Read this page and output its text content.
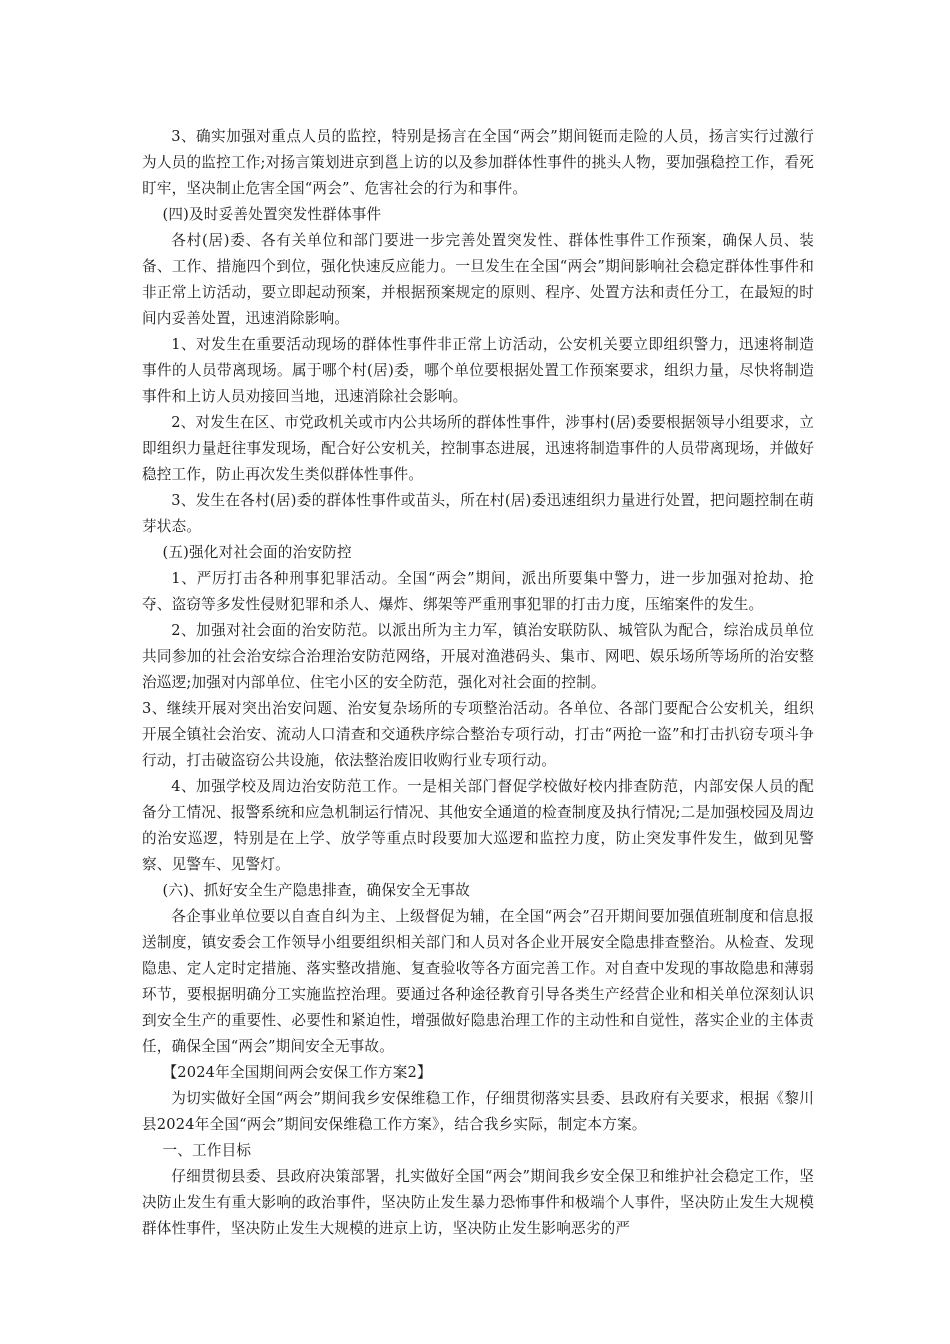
3、确实加强对重点人员的监控，特别是扬言在全国“两会”期间铤而走险的人员，扬言实行过激行为人员的监控工作;对扬言策划进京到邕上访的以及参加群体性事件的挑头人物，要加强稳控工作，看死盯牢，坚决制止危害全国“两会”、危害社会的行为和事件。

(四)及时妥善处置突发性群体事件

各村(居)委、各有关单位和部门要进一步完善处置突发性、群体性事件工作预案，确保人员、装备、工作、措施四个到位，强化快速反应能力。一旦发生在全国“两会”期间影响社会稳定群体性事件和非正常上访活动，要立即起动预案，并根据预案规定的原则、程序、处置方法和责任分工，在最短的时间内妥善处置，迅速消除影响。

1、对发生在重要活动现场的群体性事件非正常上访活动，公安机关要立即组织警力，迅速将制造事件的人员带离现场。属于哪个村(居)委，哪个单位要根据处置工作预案要求，组织力量，尽快将制造事件和上访人员劝接回当地，迅速消除社会影响。

2、对发生在区、市党政机关或市内公共场所的群体性事件，涉事村(居)委要根据领导小组要求，立即组织力量赶往事发现场，配合好公安机关，控制事态进展，迅速将制造事件的人员带离现场，并做好稳控工作，防止再次发生类似群体性事件。

3、发生在各村(居)委的群体性事件或苗头，所在村(居)委迅速组织力量进行处置，把问题控制在萌芽状态。

(五)强化对社会面的治安防控

1、严厉打击各种刑事犯罪活动。全国“两会”期间，派出所要集中警力，进一步加强对抢劫、抢夺、盗窃等多发性侵财犯罪和杀人、爆炸、绑架等严重刑事犯罪的打击力度，压缩案件的发生。

2、加强对社会面的治安防范。以派出所为主力军，镇治安联防队、城管队为配合，综治成员单位共同参加的社会治安综合治理治安防范网络，开展对渔港码头、集市、网吧、娱乐场所等场所的治安整治巡逻;加强对内部单位、住宅小区的安全防范，强化对社会面的控制。

3、继续开展对突出治安问题、治安复杂场所的专项整治活动。各单位、各部门要配合公安机关，组织开展全镇社会治安、流动人口清查和交通秩序综合整治专项行动，打击“两抢一盗”和打击扒窃专项斗争行动，打击破盗窃公共设施，依法整治废旧收购行业专项行动。

4、加强学校及周边治安防范工作。一是相关部门督促学校做好校内排查防范，内部安保人员的配备分工情况、报警系统和应急机制运行情况、其他安全通道的检查制度及执行情况;二是加强校园及周边的治安巡逻，特别是在上学、放学等重点时段要加大巡逻和监控力度，防止突发事件发生，做到见警察、见警车、见警灯。

(六)、抓好安全生产隐患排查，确保安全无事故

各企事业单位要以自查自纠为主、上级督促为辅，在全国“两会”召开期间要加强值班制度和信息报送制度，镇安委会工作领导小组要组织相关部门和人员对各企业开展安全隐患排查整治。从检查、发现隐患、定人定时定措施、落实整改措施、复查验收等各方面完善工作。对自查中发现的事故隐患和薄弱环节，要根据明确分工实施监控治理。要通过各种途径教育引导各类生产经营企业和相关单位深刻认识到安全生产的重要性、必要性和紧迫性，增强做好隐患治理工作的主动性和自觉性，落实企业的主体责任，确保全国“两会”期间安全无事故。

【2024年全国期间两会安保工作方案2】

为切实做好全国“两会”期间我乡安保维稳工作，仔细贯彻落实县委、县政府有关要求，根据《黎川县2024年全国“两会”期间安保维稳工作方案》，结合我乡实际，制定本方案。

一、工作目标

仔细贯彻县委、县政府决策部署，扎实做好全国“两会”期间我乡安全保卫和维护社会稳定工作，坚决防止发生有重大影响的政治事件，坚决防止发生暴力恐怖事件和极端个人事件，坚决防止发生大规模群体性事件，坚决防止发生大规模的进京上访，坚决防止发生影响恶劣的严
